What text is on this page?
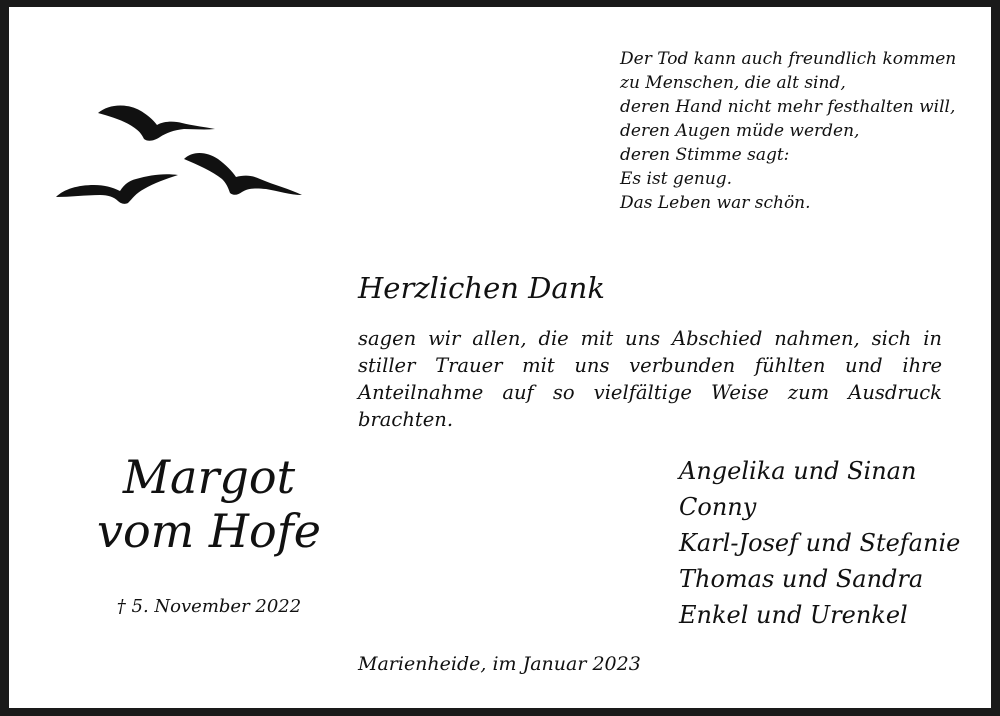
Der Tod kann auch freundlich kommen
zu Menschen, die alt sind,
deren Hand nicht mehr festhalten will,
deren Augen müde werden,
deren Stimme sagt:
Es ist genug.
Das Leben war schön.
Herzlichen Dank
sagen wir allen, die mit uns Abschied nahmen, sich in stiller Trauer mit uns verbunden fühlten und ihre Anteilnahme auf so vielfältige Weise zum Ausdruck brachten.
Margot
vom Hofe
† 5. November 2022
Angelika und Sinan
Conny
Karl-Josef und Stefanie
Thomas und Sandra
Enkel und Urenkel
Marienheide, im Januar 2023
